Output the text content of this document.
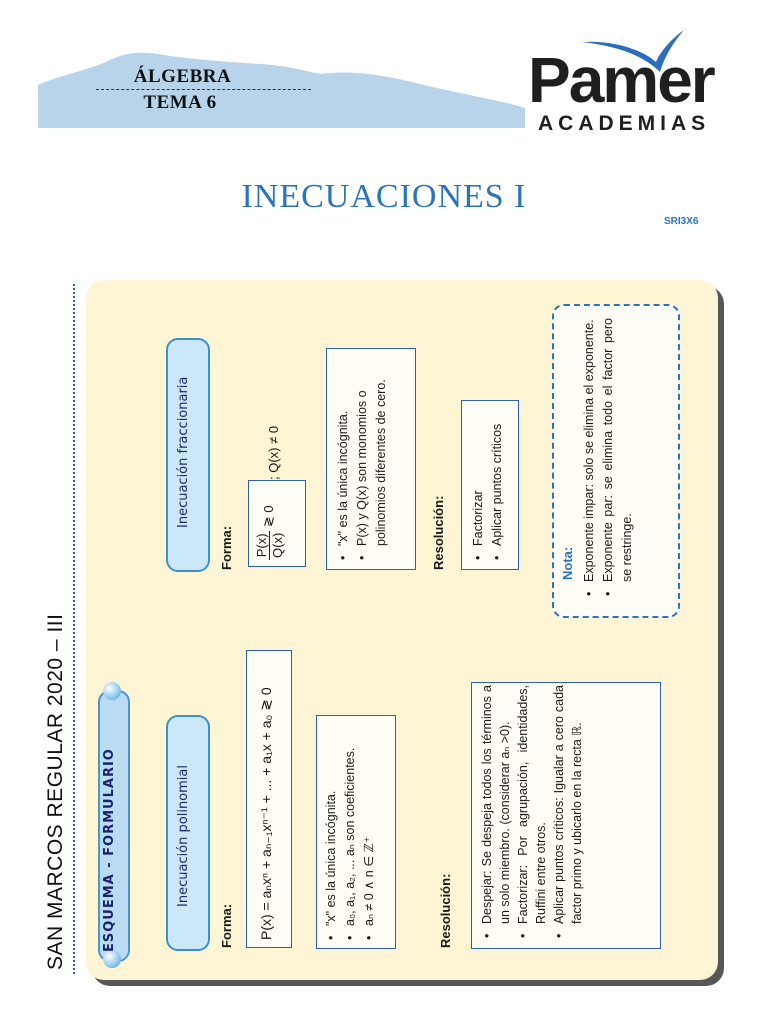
ÁLGEBRA
TEMA 6	Pamer
ACADEMIAS
INECUACIONES I
SRI3X6
SAN MARCOS REGULAR 2020 – III	ESQUEMA - FORMULARIO	Inecuación polinomial
Forma: P(x) = aₙxⁿ + aₙ₋₁xⁿ⁻¹ + ... + a₁x + a₀ ≷ 0	• "x" es la única incógnita. • a₀, a₁, a₂, ... aₙ son coeficientes. • aₙ ≠ 0 ∧ n ∈ ℤ⁺	Resolución: • Despejar: Se despeja todos los términos a un solo miembro. (considerar aₙ >0). • Factorizar: Por agrupación, identidades, Ruffini entre otros. • Aplicar puntos críticos: Igualar a cero cada factor primo y ubicarlo en la recta ℝ.
Inecuación fraccionaria
Forma: P(x) Q(x)
≷ 0
; Q(x) ≠ 0	• "x" es la única incógnita. • P(x) y Q(x) son monomios o polinomios diferentes de cero.	Resolución: • Factorizar • Aplicar puntos críticos
Nota: • Exponente impar: solo se elimina el exponente. • Exponente par: se elimina todo el factor pero se restringe.
